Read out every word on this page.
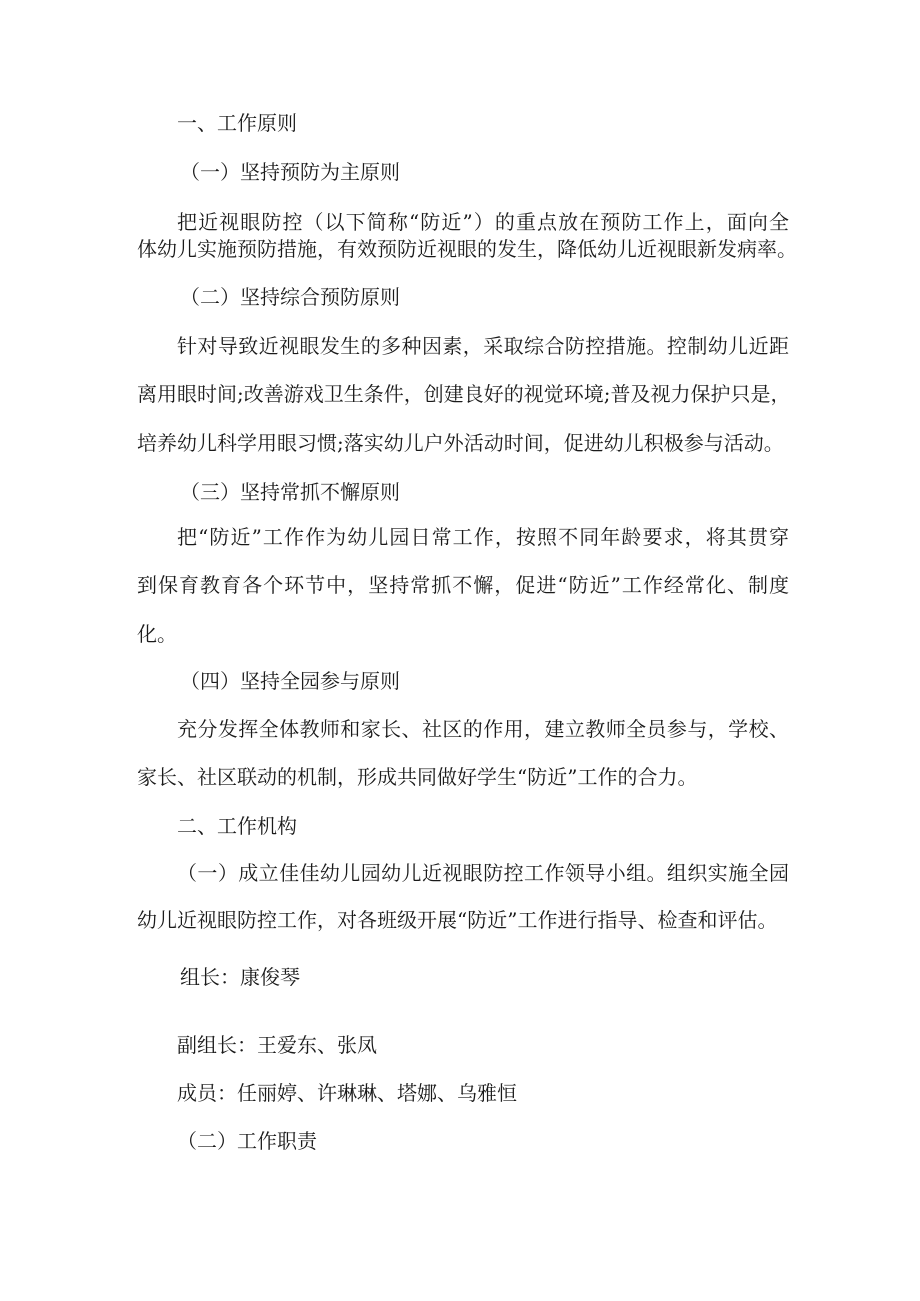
一、工作原则

（一）坚持预防为主原则

把近视眼防控（以下简称“防近”）的重点放在预防工作上，面向全

体幼儿实施预防措施，有效预防近视眼的发生，降低幼儿近视眼新发病率。

（二）坚持综合预防原则

针对导致近视眼发生的多种因素，采取综合防控措施。控制幼儿近距

离用眼时间;改善游戏卫生条件，创建良好的视觉环境;普及视力保护只是，

培养幼儿科学用眼习惯;落实幼儿户外活动时间，促进幼儿积极参与活动。

（三）坚持常抓不懈原则

把“防近”工作作为幼儿园日常工作，按照不同年龄要求，将其贯穿

到保育教育各个环节中，坚持常抓不懈，促进“防近”工作经常化、制度

化。

（四）坚持全园参与原则

充分发挥全体教师和家长、社区的作用，建立教师全员参与，学校、

家长、社区联动的机制，形成共同做好学生“防近”工作的合力。

二、工作机构

（一）成立佳佳幼儿园幼儿近视眼防控工作领导小组。组织实施全园

幼儿近视眼防控工作，对各班级开展“防近”工作进行指导、检查和评估。

组长：康俊琴

副组长：王爱东、张凤

成员：任丽婷、许琳琳、塔娜、乌雅恒

（二）工作职责
